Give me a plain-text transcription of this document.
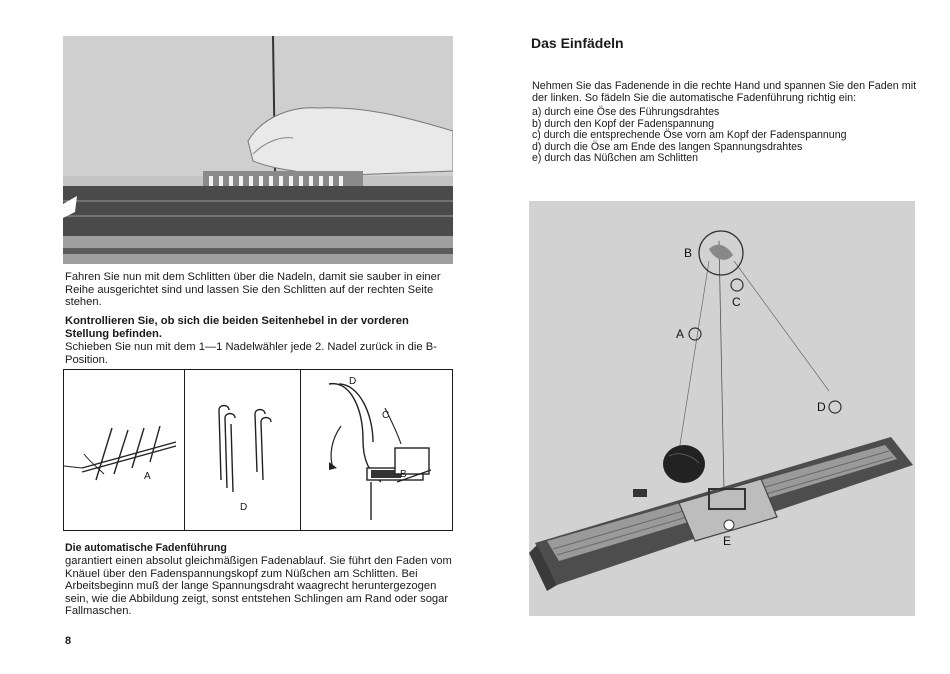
Fahren Sie nun mit dem Schlitten über die Nadeln, damit sie sauber in einer Reihe ausgerichtet sind und lassen Sie den Schlitten auf der rechten Seite stehen.

Kontrollieren Sie, ob sich die beiden Seitenhebel in der vorderen Stellung befinden.

Schieben Sie nun mit dem 1—1 Nadelwähler jede 2. Nadel zurück in die B-Position.

A
D
D
C
B
Die automatische Fadenführung

garantiert einen absolut gleichmäßigen Fadenablauf. Sie führt den Faden vom Knäuel über den Fadenspannungskopf zum Nüßchen am Schlitten. Bei Arbeitsbeginn muß der lange Spannungsdraht waagrecht heruntergezogen sein, wie die Abbildung zeigt, sonst entstehen Schlingen am Rand oder sogar Fallmaschen.

8
Das Einfädeln

Nehmen Sie das Fadenende in die rechte Hand und spannen Sie den Faden mit der linken. So fädeln Sie die automatische Fadenführung richtig ein:

a) durch eine Öse des Führungsdrahtes
b) durch den Kopf der Fadenspannung
c) durch die entsprechende Öse vorn am Kopf der Fadenspannung
d) durch die Öse am Ende des langen Spannungsdrahtes
e) durch das Nüßchen am Schlitten
B
C
A
D
E
